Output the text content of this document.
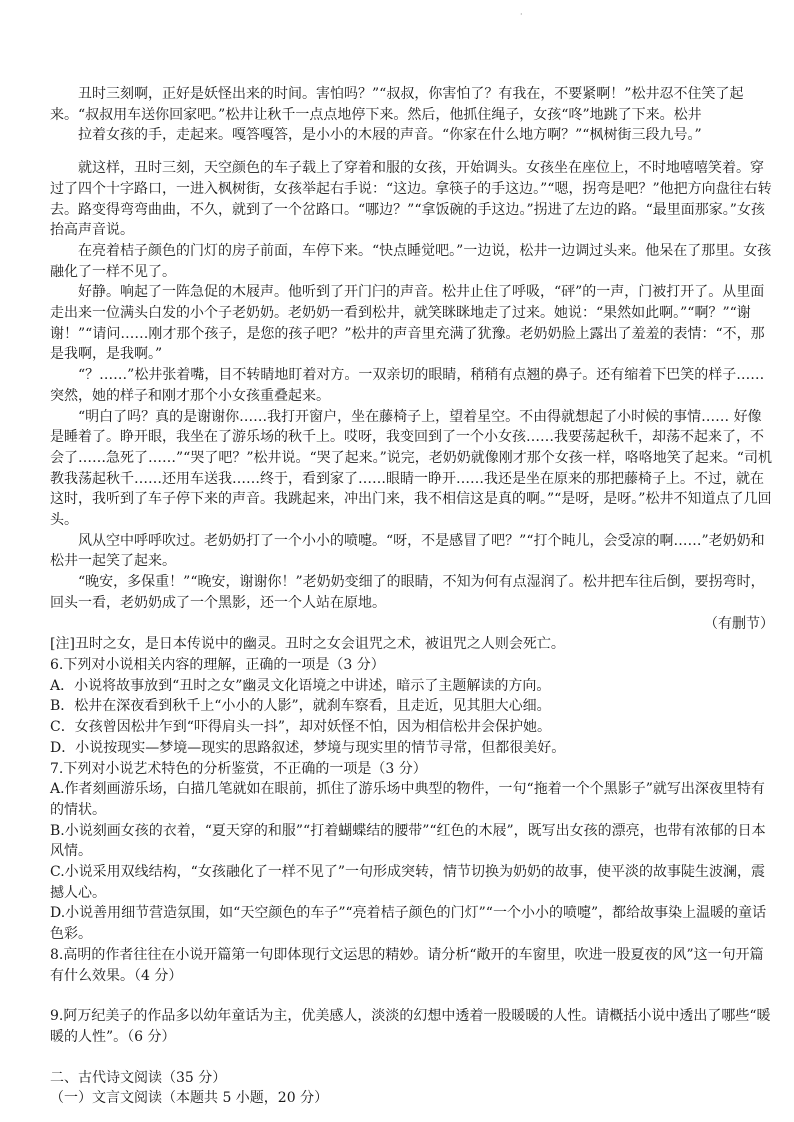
·

丑时三刻啊，正好是妖怪出来的时间。害怕吗？”“叔叔，你害怕了？有我在，不要紧啊！”松井忍不住笑了起来。“叔叔用车送你回家吧。”松井让秋千一点点地停下来。然后，他抓住绳子，女孩“咚”地跳了下来。松井

拉着女孩的手，走起来。嘎答嘎答，是小小的木屐的声音。“你家在什么地方啊？”“枫树街三段九号。”

就这样，丑时三刻，天空颜色的车子载上了穿着和服的女孩，开始调头。女孩坐在座位上，不时地嘻嘻笑着。穿过了四个十字路口，一进入枫树街，女孩举起右手说：“这边。拿筷子的手这边。”“嗯，拐弯是吧？”他把方向盘往右转去。路变得弯弯曲曲，不久，就到了一个岔路口。“哪边？”“拿饭碗的手这边。”拐进了左边的路。“最里面那家。”女孩抬高声音说。

在亮着桔子颜色的门灯的房子前面，车停下来。“快点睡觉吧。”一边说，松井一边调过头来。他呆在了那里。女孩融化了一样不见了。

好静。响起了一阵急促的木屐声。他听到了开门闩的声音。松井止住了呼吸，“砰”的一声，门被打开了。从里面走出来一位满头白发的小个子老奶奶。老奶奶一看到松井，就笑眯眯地走了过来。她说：“果然如此啊。”“啊？”“谢谢！”“请问……刚才那个孩子，是您的孩子吧？”松井的声音里充满了犹豫。老奶奶脸上露出了羞羞的表情：“不，那是我啊，是我啊。”

“？……”松井张着嘴，目不转睛地盯着对方。一双亲切的眼睛，稍稍有点翘的鼻子。还有缩着下巴笑的样子……突然，她的样子和刚才那个小女孩重叠起来。

“明白了吗？真的是谢谢你……我打开窗户，坐在藤椅子上，望着星空。不由得就想起了小时候的事情…… 好像是睡着了。睁开眼，我坐在了游乐场的秋千上。哎呀，我变回到了一个小女孩……我要荡起秋千，却荡不起来了，不会了……急死了……”“哭了吧？”松井说。“哭了起来。”说完，老奶奶就像刚才那个女孩一样，咯咯地笑了起来。“司机教我荡起秋千……还用车送我……终于，看到家了……眼睛一睁开……我还是坐在原来的那把藤椅子上。不过，就在这时，我听到了车子停下来的声音。我跳起来，冲出门来，我不相信这是真的啊。”“是呀，是呀。”松井不知道点了几回头。

风从空中呼呼吹过。老奶奶打了一个小小的喷嚏。“呀，不是感冒了吧？”“打个盹儿，会受凉的啊……”老奶奶和松井一起笑了起来。

“晚安，多保重！”“晚安，谢谢你！”老奶奶变细了的眼睛，不知为何有点湿润了。松井把车往后倒，要拐弯时，回头一看，老奶奶成了一个黑影，还一个人站在原地。

（有删节）

[注]丑时之女，是日本传说中的幽灵。丑时之女会诅咒之术，被诅咒之人则会死亡。

6.下列对小说相关内容的理解，正确的一项是（3 分）

A．小说将故事放到“丑时之女”幽灵文化语境之中讲述，暗示了主题解读的方向。

B．松井在深夜看到秋千上“小小的人影”，就刹车察看，且走近，见其胆大心细。

C．女孩曾因松井乍到“吓得肩头一抖”，却对妖怪不怕，因为相信松井会保护她。

D．小说按现实—梦境—现实的思路叙述，梦境与现实里的情节寻常，但都很美好。

7.下列对小说艺术特色的分析鉴赏，不正确的一项是（3 分）

A.作者刻画游乐场，白描几笔就如在眼前，抓住了游乐场中典型的物件，一句“拖着一个个黑影子”就写出深夜里特有的情状。

B.小说刻画女孩的衣着，“夏天穿的和服”“打着蝴蝶结的腰带”“红色的木屐”，既写出女孩的漂亮，也带有浓郁的日本风情。

C.小说采用双线结构，“女孩融化了一样不见了”一句形成突转，情节切换为奶奶的故事，使平淡的故事陡生波澜，震撼人心。

D.小说善用细节营造氛围，如“天空颜色的车子”“亮着桔子颜色的门灯”“一个小小的喷嚏”，都给故事染上温暖的童话色彩。

8.高明的作者往往在小说开篇第一句即体现行文运思的精妙。请分析“敞开的车窗里，吹进一股夏夜的风”这一句开篇有什么效果。（4 分）

9.阿万纪美子的作品多以幼年童话为主，优美感人，淡淡的幻想中透着一股暖暖的人性。请概括小说中透出了哪些“暖暖的人性”。（6 分）

二、古代诗文阅读（35 分）

（一）文言文阅读（本题共 5 小题，20 分）
